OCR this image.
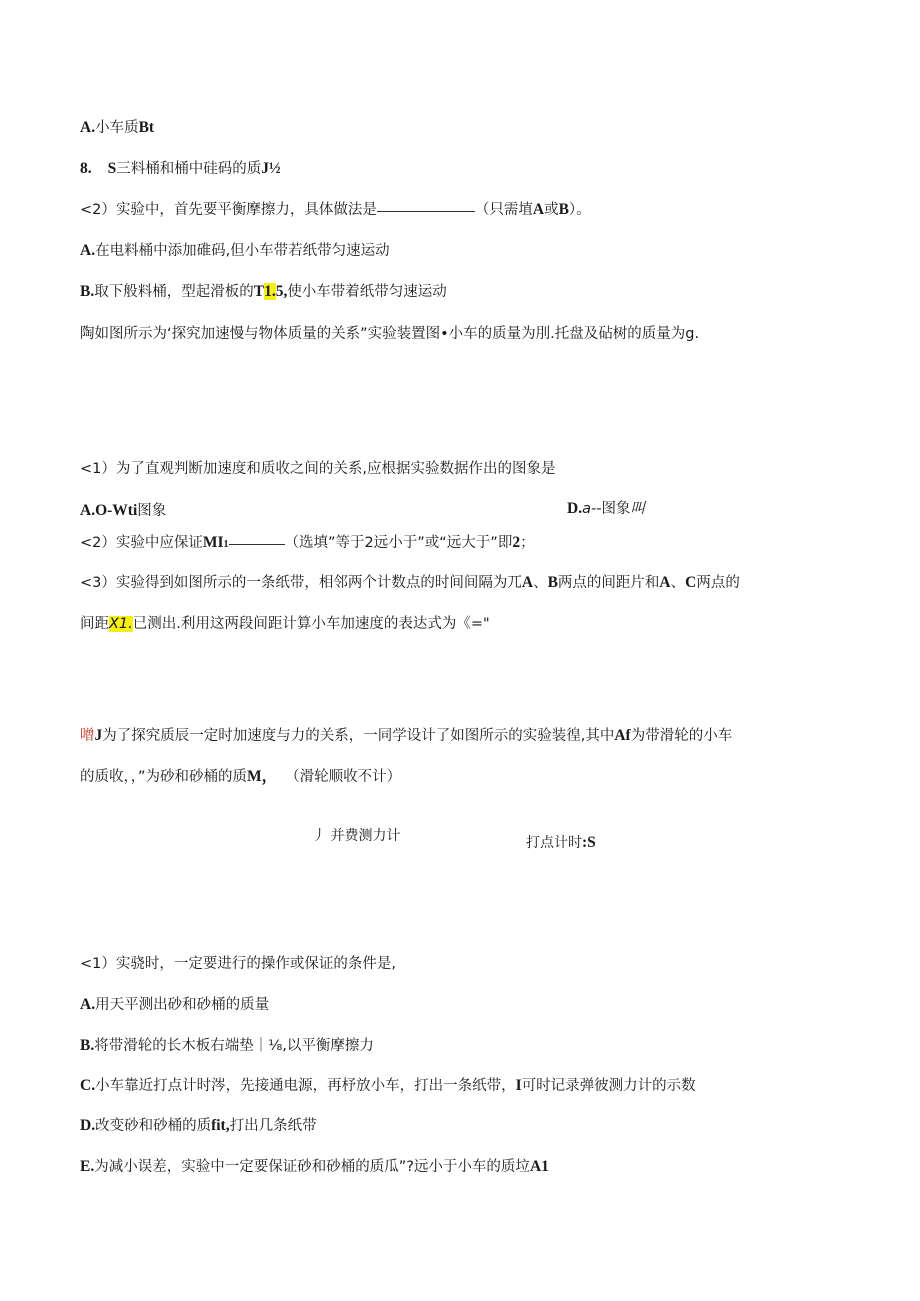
A.小车质Bt
8. S三料桶和桶中硅码的质J½
<2）实验中，首先要平衡摩擦力，具体做法是	（只需埴A或B）。
A.在电料桶中添加碓码,但小车带若纸带匀速运动
B.取下般料桶，型起滑板的T1.5,使小车带着纸带匀速运动
陶如图所示为‘探究加速慢与物体质量的关系”实验装置图•小车的质量为刖.托盘及砧树的质量为g.
<1）为了直观判断加速度和质收之间的关系,应根据实验数据作出的图象是
A.O-Wti图象	D.a--图象叫
<2）实验中应保证MI1	（选填”等于2远小于”或“远大于”即2；
<3）实验得到如图所示的一条纸带，相邻两个计数点的时间间隔为兀A、B两点的间距片和A、C两点的
间距X1.已测出.利用这两段间距计算小车加速度的表达式为《="
噌J为了探究质辰一定时加速度与力的关系，一同学设计了如图所示的实验装徨,其中Af为带滑轮的小车
的质收，，”为砂和砂桶的质M， （滑轮顺收不计）
⼃ 并费测力计	打点计时:S
<1）实骁时，一定要进行的操作或保证的条件是,
A.用天平测出砂和砂桶的质量
B.将带滑轮的长木板右端垫｜⅛,以平衡摩擦力
C.小车靠近打点计时涔，先接通电源，再杼放小车，打出一条纸带，I可时记录弹彼测力计的示数
D.改变砂和砂桶的质fit,打出几条纸带
E.为减小误差，实验中一定要保证砂和砂桶的质瓜”?远小于小车的质垃A1
